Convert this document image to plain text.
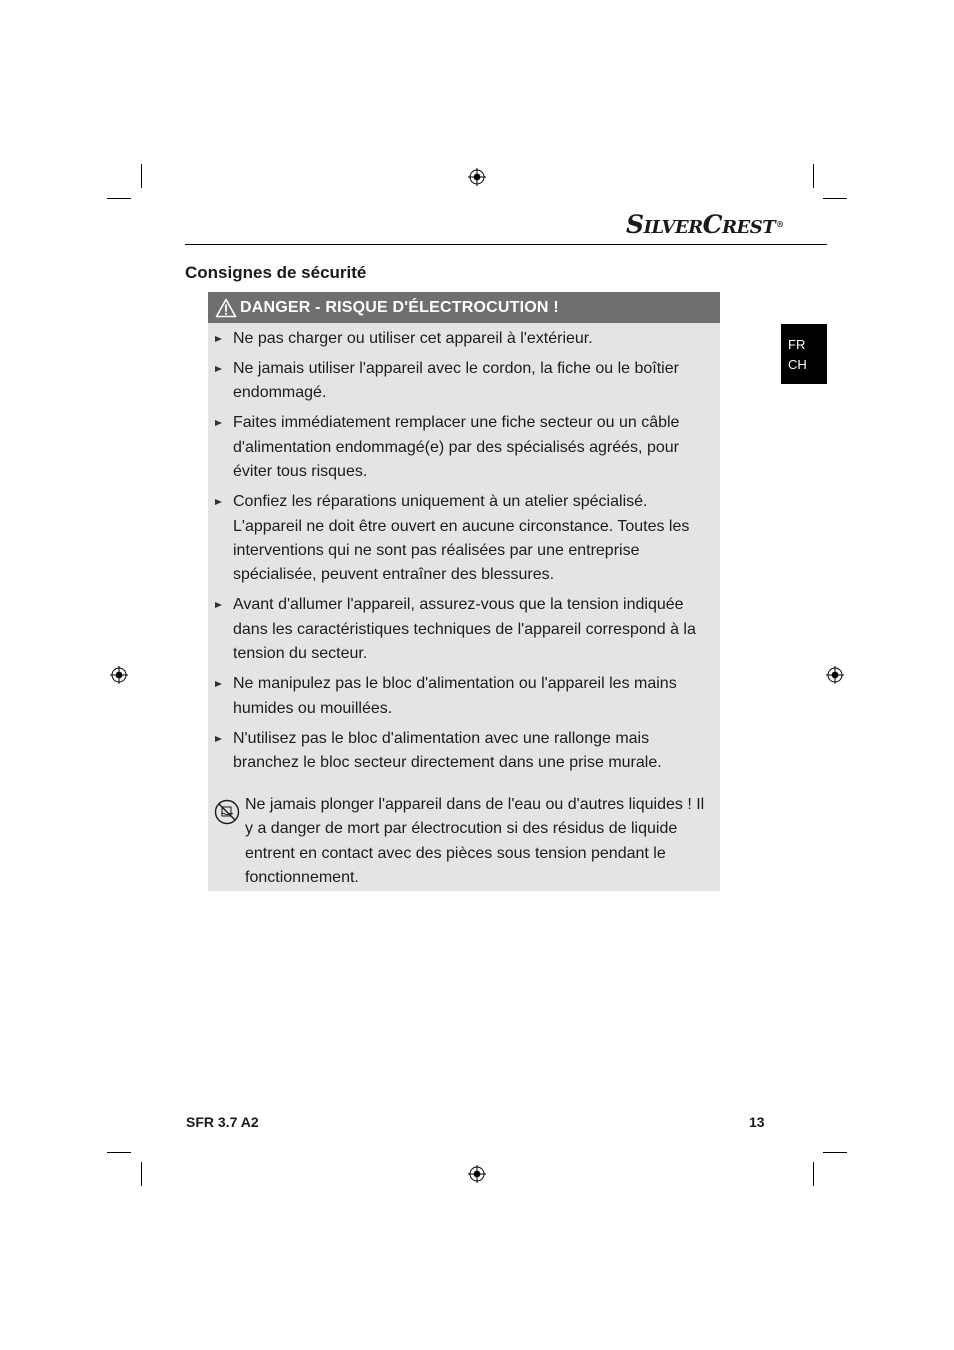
SILVERCREST®
FR
CH
Consignes de sécurité
DANGER - RISQUE D'ÉLECTROCUTION !
Ne pas charger ou utiliser cet appareil à l'extérieur.
Ne jamais utiliser l'appareil avec le cordon, la fiche ou le boîtier endommagé.
Faites immédiatement remplacer une fiche secteur ou un câble d'alimentation endommagé(e) par des spécialisés agréés, pour éviter tous risques.
Confiez les réparations uniquement à un atelier spécialisé. L'appareil ne doit être ouvert en aucune circonstance. Toutes les interventions qui ne sont pas réalisées par une entreprise spécialisée, peuvent entraîner des blessures.
Avant d'allumer l'appareil, assurez-vous que la tension indiquée dans les caractéristiques techniques de l'appareil correspond à la tension du secteur.
Ne manipulez pas le bloc d'alimentation ou l'appareil les mains humides ou mouillées.
N'utilisez pas le bloc d'alimentation avec une rallonge mais branchez le bloc secteur directement dans une prise murale.
Ne jamais plonger l'appareil dans de l'eau ou d'autres liquides ! Il y a danger de mort par électrocution si des résidus de liquide entrent en contact avec des pièces sous tension pendant le fonctionnement.
SFR 3.7 A2	13
